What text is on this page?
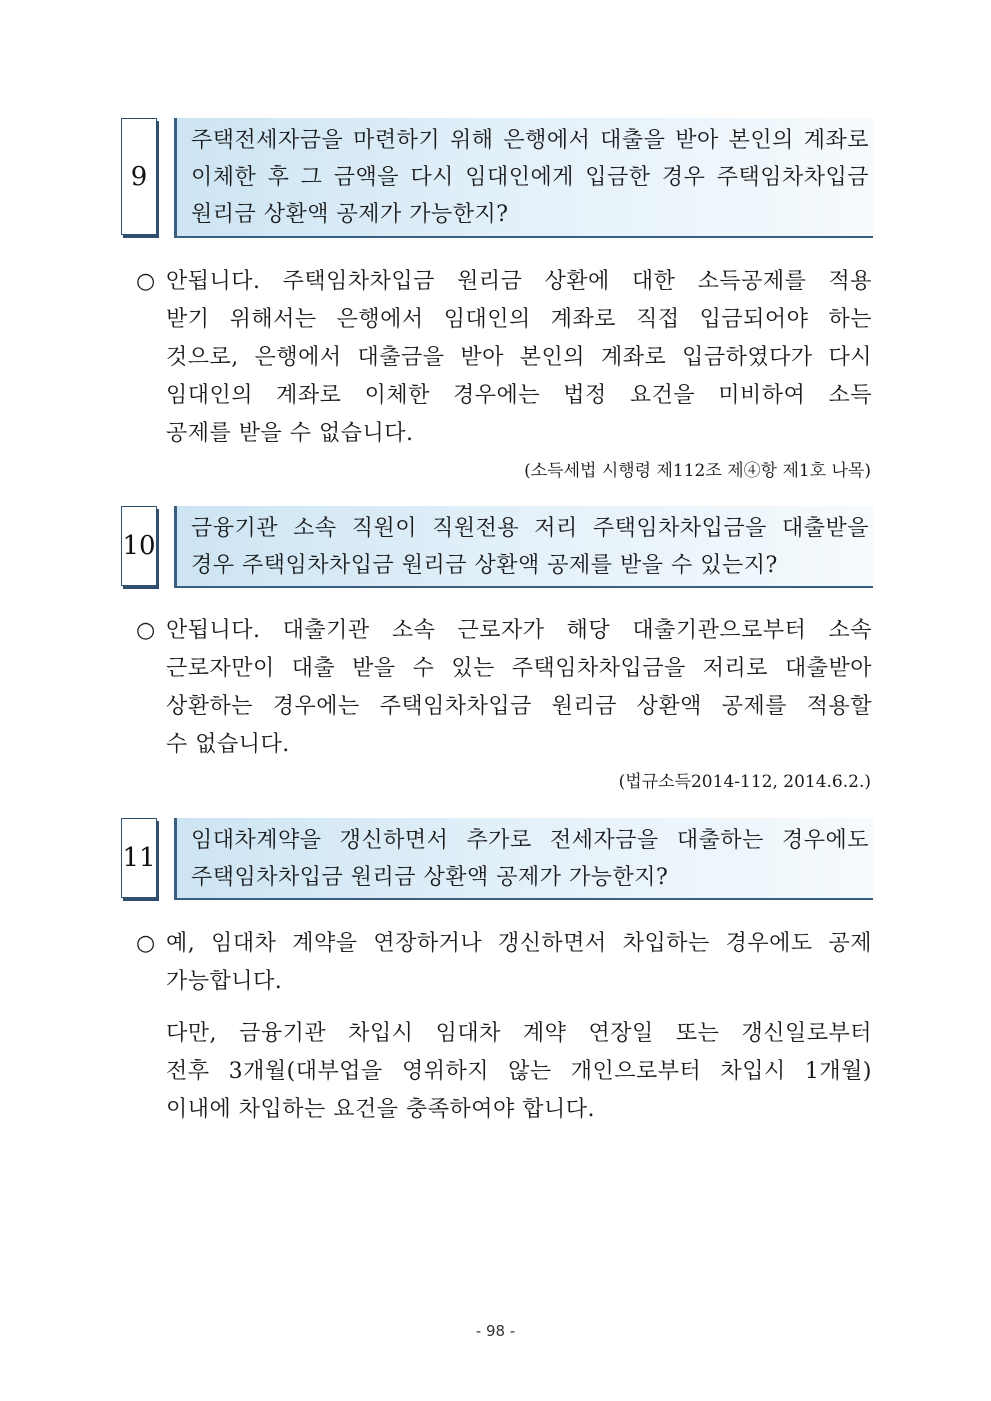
9
주택전세자금을 마련하기 위해 은행에서 대출을 받아 본인의 계좌로
이체한 후 그 금액을 다시 임대인에게 입금한 경우 주택임차차입금
원리금 상환액 공제가 가능한지?
○ 안됩니다. 주택임차차입금 원리금 상환에 대한 소득공제를 적용
받기 위해서는 은행에서 임대인의 계좌로 직접 입금되어야 하는
것으로, 은행에서 대출금을 받아 본인의 계좌로 입금하였다가 다시
임대인의 계좌로 이체한 경우에는 법정 요건을 미비하여 소득
공제를 받을 수 없습니다.
(소득세법 시행령 제112조 제④항 제1호 나목)
10
금융기관 소속 직원이 직원전용 저리 주택임차차입금을 대출받을
경우 주택임차차입금 원리금 상환액 공제를 받을 수 있는지?
○ 안됩니다. 대출기관 소속 근로자가 해당 대출기관으로부터 소속
근로자만이 대출 받을 수 있는 주택임차차입금을 저리로 대출받아
상환하는 경우에는 주택임차차입금 원리금 상환액 공제를 적용할
수 없습니다.
(법규소득2014-112, 2014.6.2.)
11
임대차계약을 갱신하면서 추가로 전세자금을 대출하는 경우에도
주택임차차입금 원리금 상환액 공제가 가능한지?
○ 예, 임대차 계약을 연장하거나 갱신하면서 차입하는 경우에도 공제
가능합니다.
다만, 금융기관 차입시 임대차 계약 연장일 또는 갱신일로부터
전후 3개월(대부업을 영위하지 않는 개인으로부터 차입시 1개월)
이내에 차입하는 요건을 충족하여야 합니다.
- 98 -
